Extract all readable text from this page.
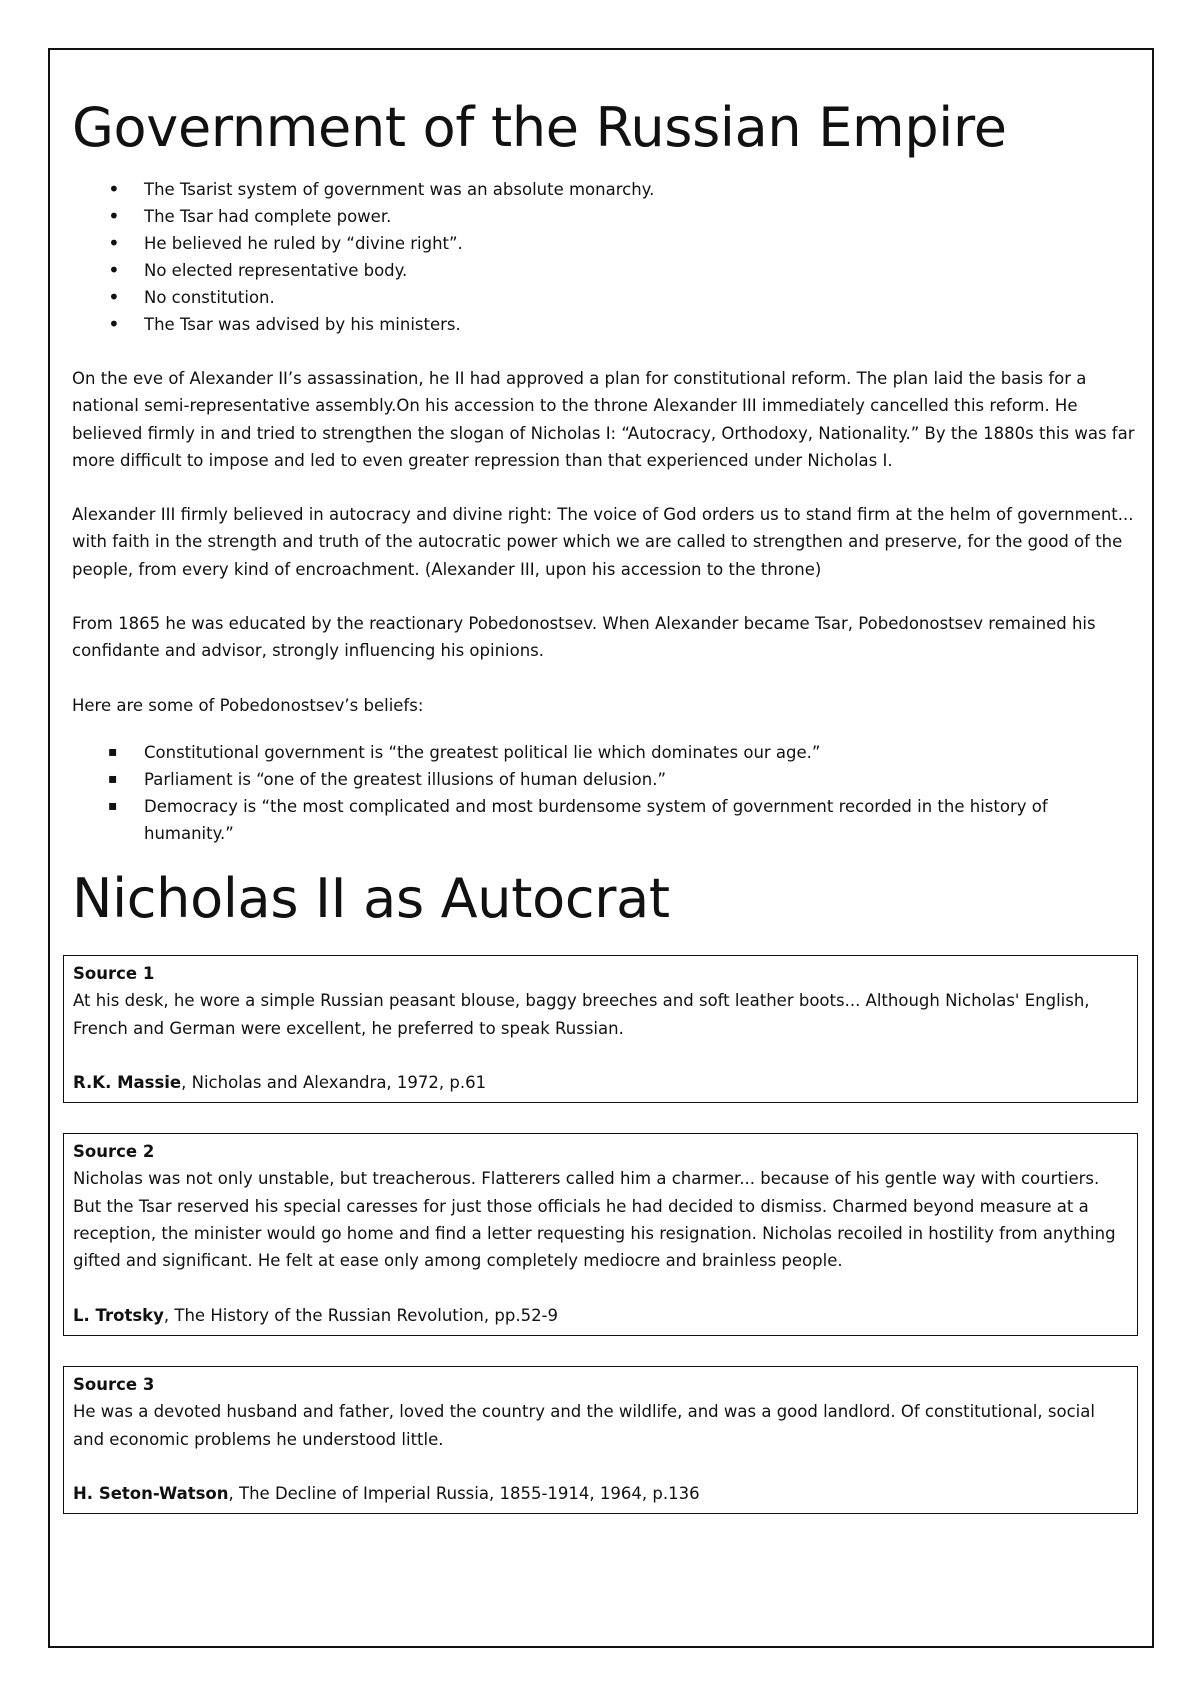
Government of the Russian Empire
• The Tsarist system of government was an absolute monarchy.
• The Tsar had complete power.
• He believed he ruled by “divine right”.
• No elected representative body.
• No constitution.
• The Tsar was advised by his ministers.

On the eve of Alexander II’s assassination, he II had approved a plan for constitutional reform. The plan laid the basis for a national semi-representative assembly.On his accession to the throne Alexander III immediately cancelled this reform. He believed firmly in and tried to strengthen the slogan of Nicholas I: “Autocracy, Orthodoxy, Nationality.” By the 1880s this was far more difficult to impose and led to even greater repression than that experienced under Nicholas I.

Alexander III firmly believed in autocracy and divine right: The voice of God orders us to stand firm at the helm of government... with faith in the strength and truth of the autocratic power which we are called to strengthen and preserve, for the good of the people, from every kind of encroachment. (Alexander III, upon his accession to the throne)

From 1865 he was educated by the reactionary Pobedonostsev. When Alexander became Tsar, Pobedonostsev remained his confidante and advisor, strongly influencing his opinions.

Here are some of Pobedonostsev’s beliefs:

▪ Constitutional government is “the greatest political lie which dominates our age.”
▪ Parliament is “one of the greatest illusions of human delusion.”
▪ Democracy is “the most complicated and most burdensome system of government recorded in the history of humanity.”
Nicholas II as Autocrat

Source 1

At his desk, he wore a simple Russian peasant blouse, baggy breeches and soft leather boots... Although Nicholas' English, French and German were excellent, he preferred to speak Russian.

R.K. Massie, Nicholas and Alexandra, 1972, p.61

Source 2

Nicholas was not only unstable, but treacherous. Flatterers called him a charmer... because of his gentle way with courtiers. But the Tsar reserved his special caresses for just those officials he had decided to dismiss. Charmed beyond measure at a reception, the minister would go home and find a letter requesting his resignation. Nicholas recoiled in hostility from anything gifted and significant. He felt at ease only among completely mediocre and brainless people.

L. Trotsky, The History of the Russian Revolution, pp.52-9

Source 3

He was a devoted husband and father, loved the country and the wildlife, and was a good landlord. Of constitutional, social and economic problems he understood little.

H. Seton-Watson, The Decline of Imperial Russia, 1855-1914, 1964, p.136
